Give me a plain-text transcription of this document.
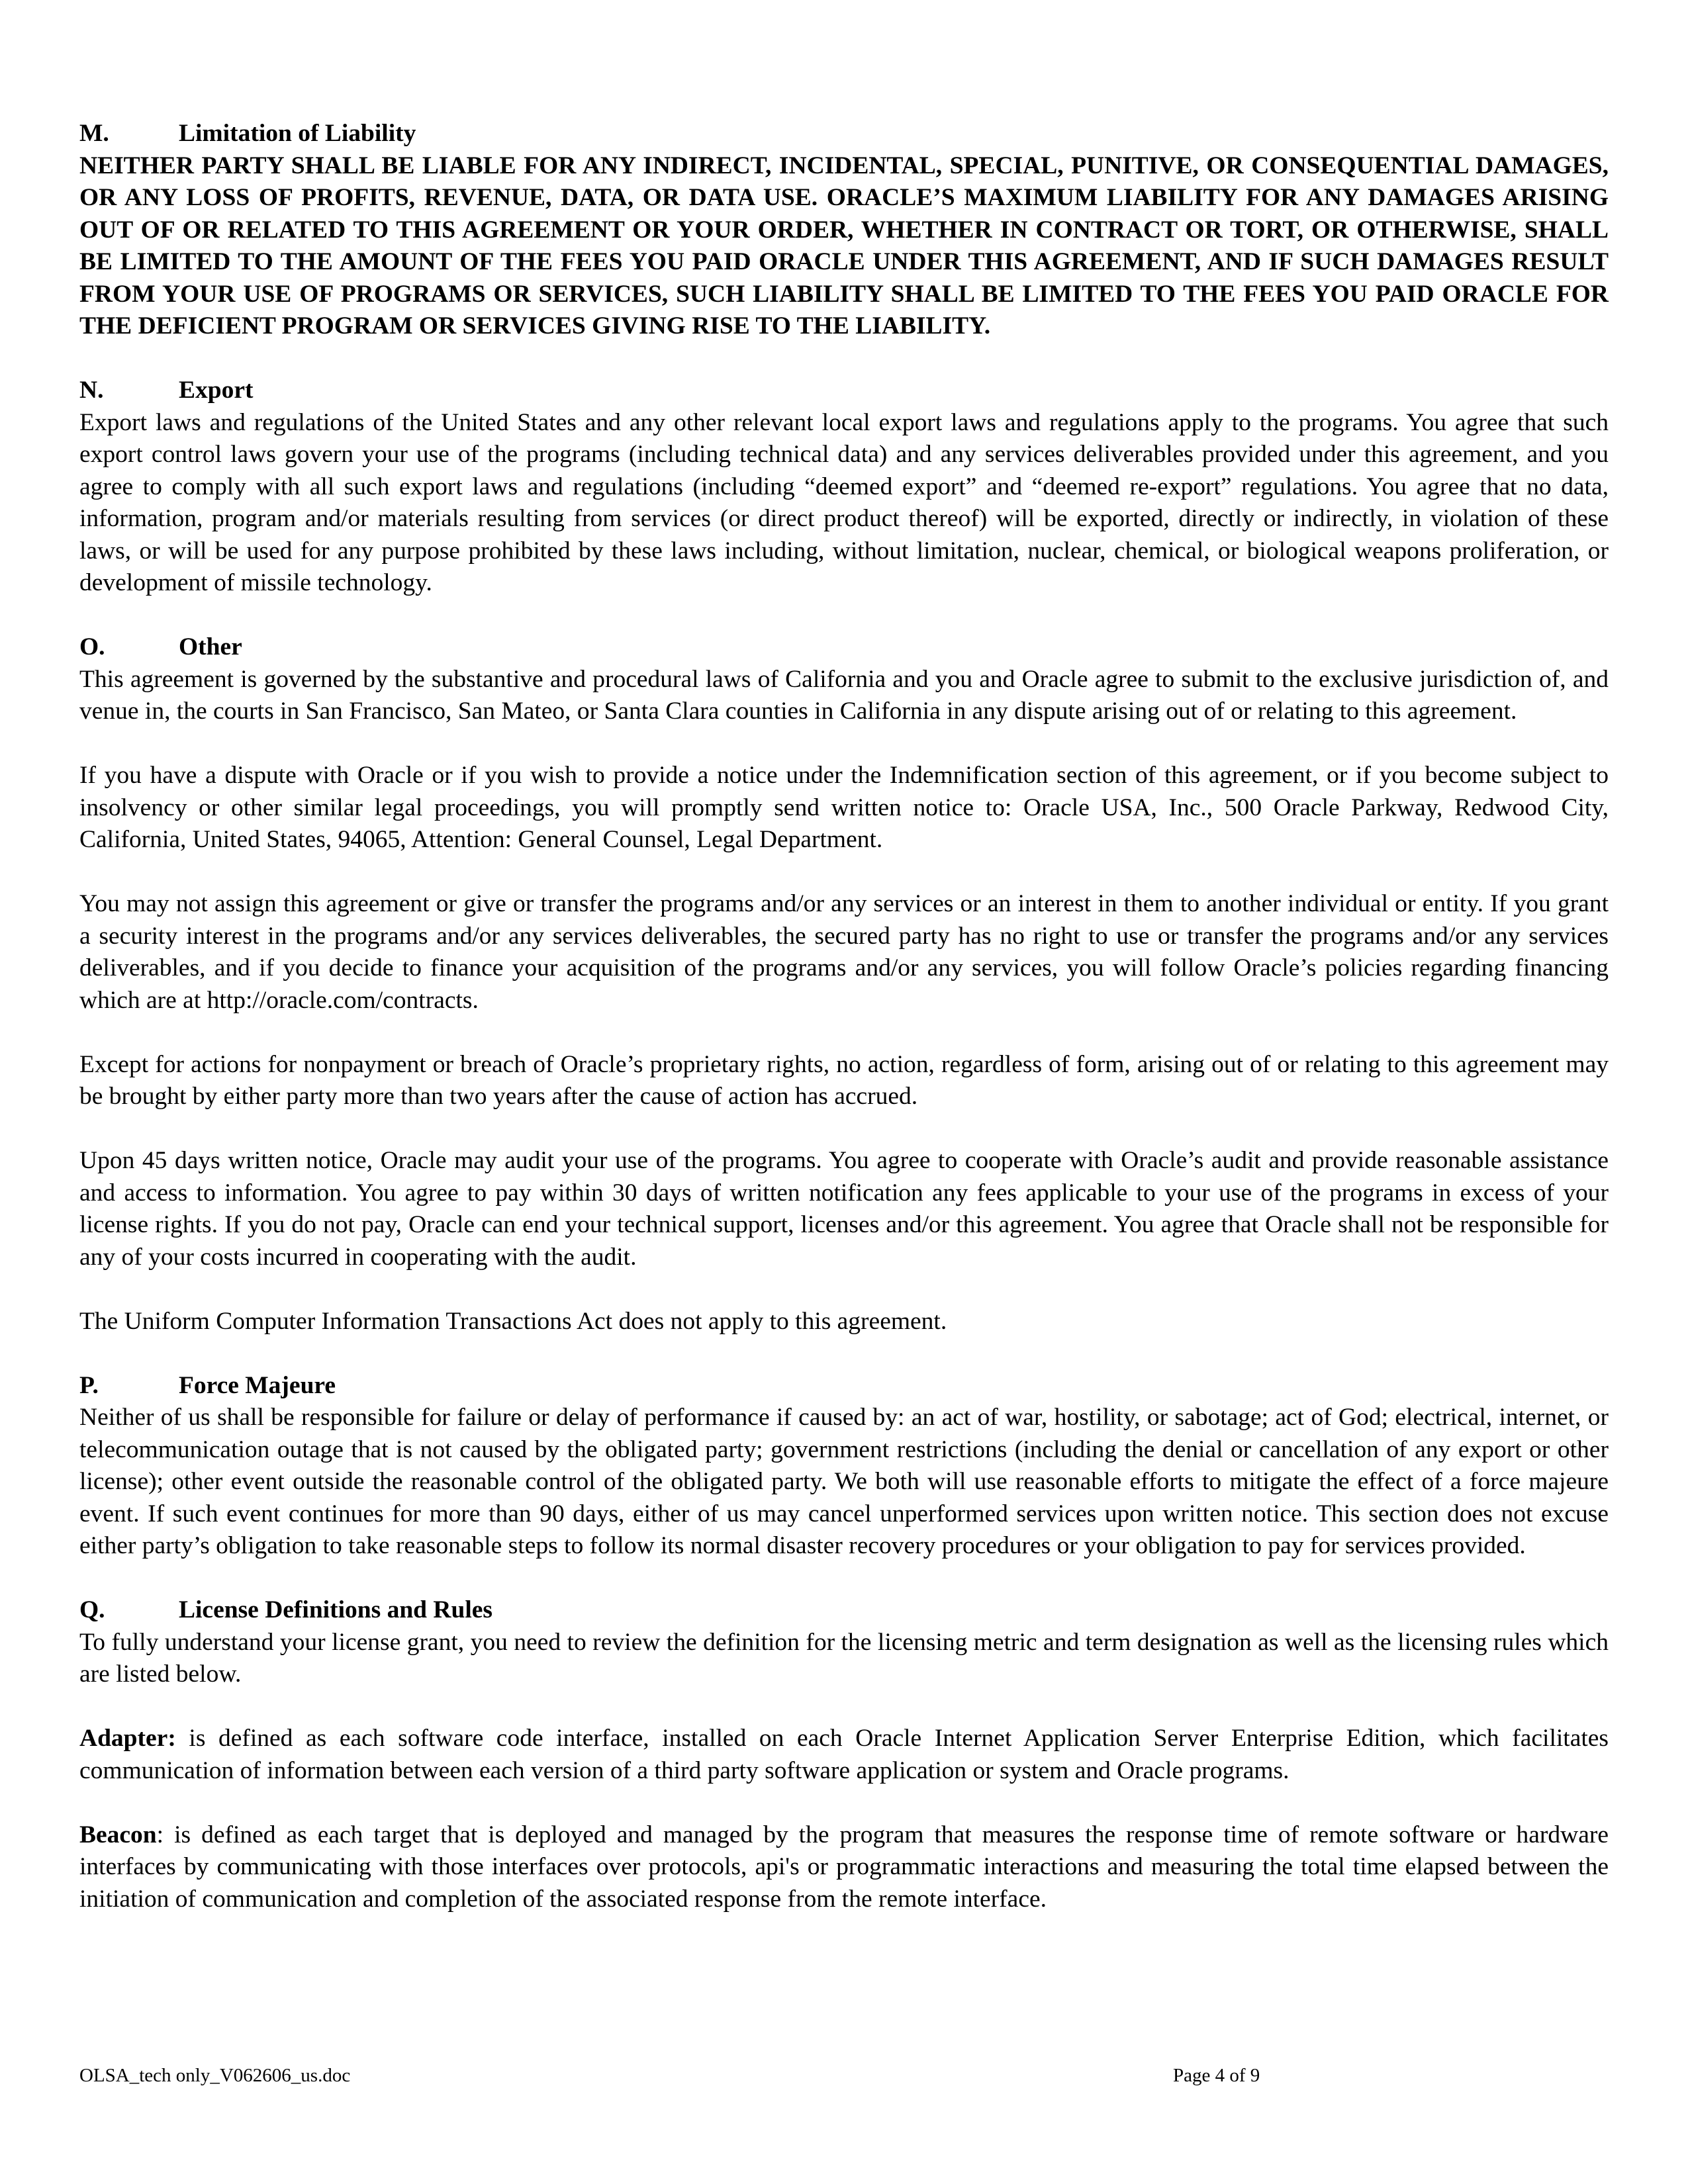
M.	Limitation of Liability

NEITHER PARTY SHALL BE LIABLE FOR ANY INDIRECT, INCIDENTAL, SPECIAL, PUNITIVE, OR CONSEQUENTIAL DAMAGES, OR ANY LOSS OF PROFITS, REVENUE, DATA, OR DATA USE. ORACLE’S MAXIMUM LIABILITY FOR ANY DAMAGES ARISING OUT OF OR RELATED TO THIS AGREEMENT OR YOUR ORDER, WHETHER IN CONTRACT OR TORT, OR OTHERWISE, SHALL BE LIMITED TO THE AMOUNT OF THE FEES YOU PAID ORACLE UNDER THIS AGREEMENT, AND IF SUCH DAMAGES RESULT FROM YOUR USE OF PROGRAMS OR SERVICES, SUCH LIABILITY SHALL BE LIMITED TO THE FEES YOU PAID ORACLE FOR THE DEFICIENT PROGRAM OR SERVICES GIVING RISE TO THE LIABILITY.

N.	Export

Export laws and regulations of the United States and any other relevant local export laws and regulations apply to the programs. You agree that such export control laws govern your use of the programs (including technical data) and any services deliverables provided under this agreement, and you agree to comply with all such export laws and regulations (including “deemed export” and “deemed re-export” regulations. You agree that no data, information, program and/or materials resulting from services (or direct product thereof) will be exported, directly or indirectly, in violation of these laws, or will be used for any purpose prohibited by these laws including, without limitation, nuclear, chemical, or biological weapons proliferation, or development of missile technology.

O.	Other

This agreement is governed by the substantive and procedural laws of California and you and Oracle agree to submit to the exclusive jurisdiction of, and venue in, the courts in San Francisco, San Mateo, or Santa Clara counties in California in any dispute arising out of or relating to this agreement.

If you have a dispute with Oracle or if you wish to provide a notice under the Indemnification section of this agreement, or if you become subject to insolvency or other similar legal proceedings, you will promptly send written notice to: Oracle USA, Inc., 500 Oracle Parkway, Redwood City, California, United States, 94065, Attention: General Counsel, Legal Department.

You may not assign this agreement or give or transfer the programs and/or any services or an interest in them to another individual or entity. If you grant a security interest in the programs and/or any services deliverables, the secured party has no right to use or transfer the programs and/or any services deliverables, and if you decide to finance your acquisition of the programs and/or any services, you will follow Oracle’s policies regarding financing which are at http://oracle.com/contracts.

Except for actions for nonpayment or breach of Oracle’s proprietary rights, no action, regardless of form, arising out of or relating to this agreement may be brought by either party more than two years after the cause of action has accrued.

Upon 45 days written notice, Oracle may audit your use of the programs. You agree to cooperate with Oracle’s audit and provide reasonable assistance and access to information. You agree to pay within 30 days of written notification any fees applicable to your use of the programs in excess of your license rights. If you do not pay, Oracle can end your technical support, licenses and/or this agreement. You agree that Oracle shall not be responsible for any of your costs incurred in cooperating with the audit.

The Uniform Computer Information Transactions Act does not apply to this agreement.

P.	Force Majeure

Neither of us shall be responsible for failure or delay of performance if caused by: an act of war, hostility, or sabotage; act of God; electrical, internet, or telecommunication outage that is not caused by the obligated party; government restrictions (including the denial or cancellation of any export or other license); other event outside the reasonable control of the obligated party. We both will use reasonable efforts to mitigate the effect of a force majeure event. If such event continues for more than 90 days, either of us may cancel unperformed services upon written notice. This section does not excuse either party’s obligation to take reasonable steps to follow its normal disaster recovery procedures or your obligation to pay for services provided.

Q.	License Definitions and Rules

To fully understand your license grant, you need to review the definition for the licensing metric and term designation as well as the licensing rules which are listed below.

Adapter: is defined as each software code interface, installed on each Oracle Internet Application Server Enterprise Edition, which facilitates communication of information between each version of a third party software application or system and Oracle programs.

Beacon: is defined as each target that is deployed and managed by the program that measures the response time of remote software or hardware interfaces by communicating with those interfaces over protocols, api's or programmatic interactions and measuring the total time elapsed between the initiation of communication and completion of the associated response from the remote interface.

OLSA_tech only_V062606_us.doc	Page 4 of 9
